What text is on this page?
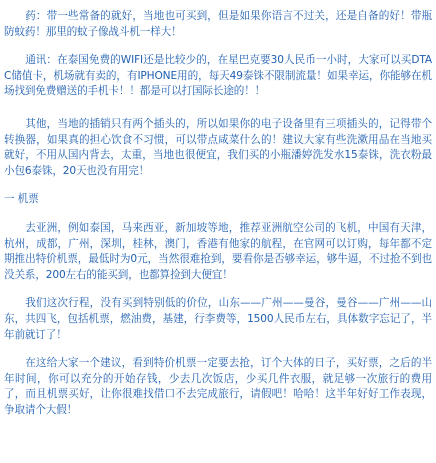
药：带一些常备的就好，当地也可买到，但是如果你语言不过关，还是自备的好！带瓶防蚊药！那里的蚊子像战斗机一样大！

通讯：在泰国免费的WIFI还是比较少的，在星巴克要30人民币一小时，大家可以买DTAC储值卡，机场就有卖的，有IPHONE用的，每天49泰铢不限制流量！如果幸运，你能够在机场找到免费赠送的手机卡！！都是可以打国际长途的！！

其他，当地的插销只有两个插头的，所以如果你的电子设备里有三项插头的，记得带个转换器，如果真的担心饮食不习惯，可以带点咸菜什么的！建议大家有些洗漱用品在当地买就好，不用从国内背去，太重，当地也很便宜，我们买的小瓶潘婷洗发水15泰铢，洗衣粉最小包6泰铢，20天也没有用完！

一 机票

去亚洲，例如泰国，马来西亚，新加坡等地，推荐亚洲航空公司的飞机，中国有天津，杭州，成都，广州，深圳，桂林，澳门，香港有他家的航程，在官网可以订购，每年都不定期推出特价机票，最低时为0元，当然很难抢到，要看你是否够幸运，够牛逼，不过抢不到也没关系，200左右的能买到，也都算捡到大便宜！

我们这次行程，没有买到特别低的价位，山东——广州——曼谷，曼谷——广州——山东，共四飞，包括机票，燃油费，基建，行李费等，1500人民币左右，具体数字忘记了，半年前就订了！

在这给大家一个建议，看到特价机票一定要去抢，订个大体的日子，买好票，之后的半年时间，你可以充分的开始存钱，少去几次饭店，少买几件衣服，就足够一次旅行的费用了，而且机票买好，让你很难找借口不去完成旅行，请假吧！哈哈！这半年好好工作表现，争取请个大假！
